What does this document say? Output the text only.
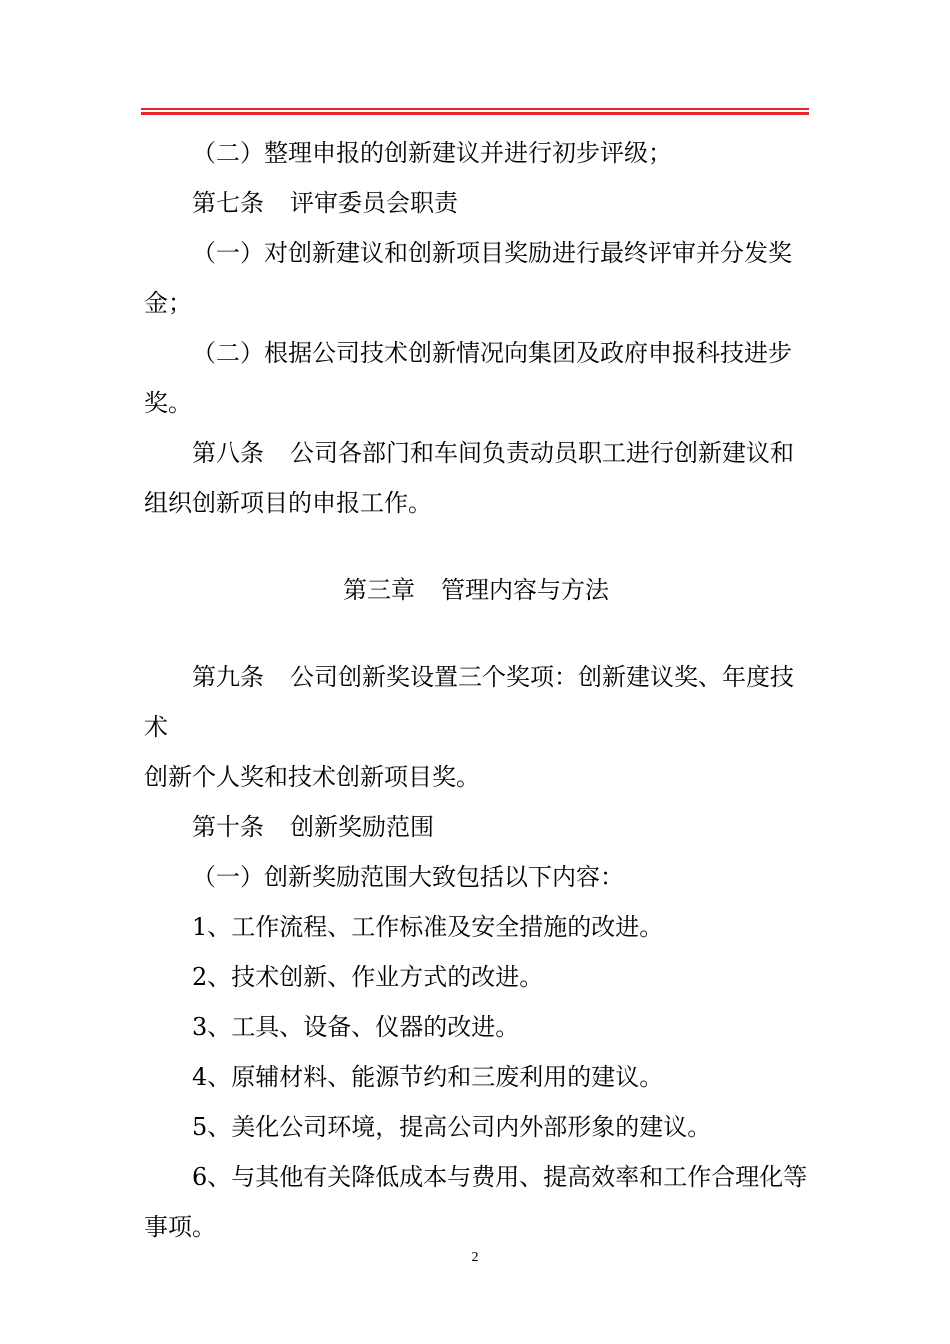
（二）整理申报的创新建议并进行初步评级；

第七条 评审委员会职责

（一）对创新建议和创新项目奖励进行最终评审并分发奖

金；

（二）根据公司技术创新情况向集团及政府申报科技进步

奖。

第八条 公司各部门和车间负责动员职工进行创新建议和

组织创新项目的申报工作。

第三章 管理内容与方法

第九条 公司创新奖设置三个奖项：创新建议奖、年度技术

创新个人奖和技术创新项目奖。

第十条 创新奖励范围

（一）创新奖励范围大致包括以下内容：

1、工作流程、工作标准及安全措施的改进。

2、技术创新、作业方式的改进。

3、工具、设备、仪器的改进。

4、原辅材料、能源节约和三废利用的建议。

5、美化公司环境，提高公司内外部形象的建议。

6、与其他有关降低成本与费用、提高效率和工作合理化等

事项。

2
